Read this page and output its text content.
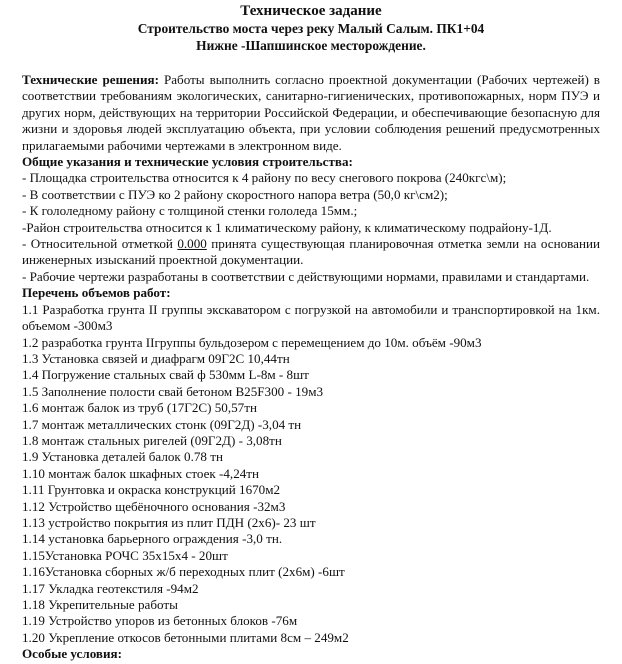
Техническое задание
Строительство моста через реку Малый Салым. ПК1+04
Нижне -Шапшинское месторождение.

Технические решения: Работы выполнить согласно проектной документации (Рабочих чертежей) в соответствии требованиям экологических, санитарно-гигиенических, противопожарных, норм ПУЭ и других норм, действующих на территории Российской Федерации, и обеспечивающие безопасную для жизни и здоровья людей эксплуатацию объекта, при условии соблюдения решений предусмотренных прилагаемыми рабочими чертежами в электронном виде.

Общие указания и технические условия строительства:

- Площадка строительства относится к 4 району по весу снегового покрова (240кгс\м);

- В соответствии с ПУЭ ко 2 району скоростного напора ветра (50,0 кг\см2);

- К гололедному району с толщиной стенки гололеда 15мм.;

-Район строительства относится к 1 климатическому району, к климатическому подрайону-1Д.

- Относительной отметкой 0.000 принята существующая планировочная отметка земли на основании инженерных изысканий проектной документации.

- Рабочие чертежи разработаны в соответствии с действующими нормами, правилами и стандартами.

Перечень объемов работ:

1.1 Разработка грунта II группы экскаватором с погрузкой на автомобили и транспортировкой на 1км. объемом -300м3

1.2 разработка грунта IIгруппы бульдозером с перемещением до 10м. объём -90м3

1.3 Установка связей и диафрагм 09Г2С 10,44тн

1.4 Погружение стальных свай ф 530мм L-8м - 8шт

1.5 Заполнение полости свай бетоном В25F300 - 19м3

1.6 монтаж балок из труб (17Г2С) 50,57тн

1.7 монтаж металлических стонк (09Г2Д) -3,04 тн

1.8 монтаж стальных ригелей (09Г2Д) - 3,08тн

1.9 Установка деталей балок 0.78 тн

1.10 монтаж балок шкафных стоек -4,24тн

1.11 Грунтовка и окраска конструкций 1670м2

1.12 Устройство щебёночного основания -32м3

1.13 устройство покрытия из плит ПДН (2х6)- 23 шт

1.14 установка барьерного ограждения -3,0 тн.

1.15Установка РОЧС 35х15х4 - 20шт

1.16Установка сборных ж/б переходных плит (2х6м) -6шт

1.17 Укладка геотекстиля -94м2

1.18 Укрепительные работы

1.19 Устройство упоров из бетонных блоков -76м

1.20 Укрепление откосов бетонными плитами 8см – 249м2

Особые условия:
